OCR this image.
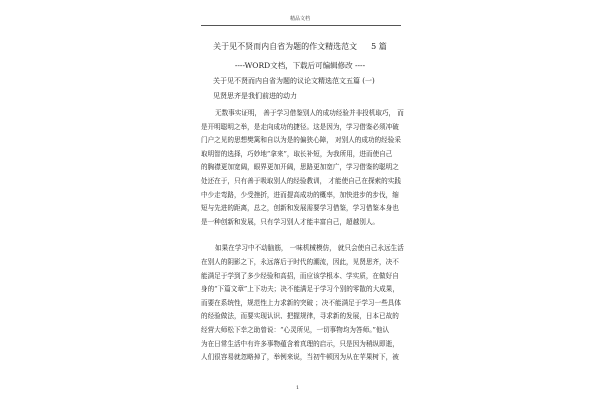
精品文档
关于见不贤而内自省为题的作文精选范文 5 篇
----WORD文档，下载后可编辑修改 ----
关于见不贤而内自省为题的议论文精选范文五篇 (一)
见贤思齐是我们前进的动力
无数事实证明， 善于学习借鉴别人的成功经验并非投机取巧， 而
是开明聪明之举，是走向成功的捷径。这是因为，学习借鉴必须冲破
门户之见的思想樊篱和自以为是的偏狭心障， 对别人的成功的经验采
取明智的选择，巧妙地“拿来”，取长补短，为我所用，进而使自己
的胸襟更加宽阔，眼界更加开阔，思路更加宽广，学习借鉴的聪明之
处还在于，只有善于吸取别人的经验教训， 才能使自己在探索的实践
中少走弯路，少受挫折，进而提高成功的概率，加快进步的步伐，缩
短与先进的距离，总之，创新和发展需要学习借鉴，学习借鉴本身也
是一种创新和发展，只有学习别人才能丰富自己，超越别人。
如果在学习中不动脑筋， 一味机械模仿， 就只会使自己永远生活
在别人的阴影之下，永远落后于时代的潮流，因此，见贤思齐，决不
能满足于学到了多少经验和高招，而应该学根本、学实质，在做好自
身的“下篇文章”上下功夫；决不能满足于学习个别的零散的大成果，
而要在系统性，规范性上力求新的突破 ；决不能满足于学习一些具体
的经验做法，而要实现认识、把握规律，寻求新的发展，日本已故的
经营大师松下幸之助曾说：“心灵所见，一切事物均为答师。”他认
为在日常生活中有许多事物蕴含着真理的启示，只是因为稍纵即逝，
人们很容易就忽略掉了，举例来说，当初牛顿因为从在苹果树下，被
1
